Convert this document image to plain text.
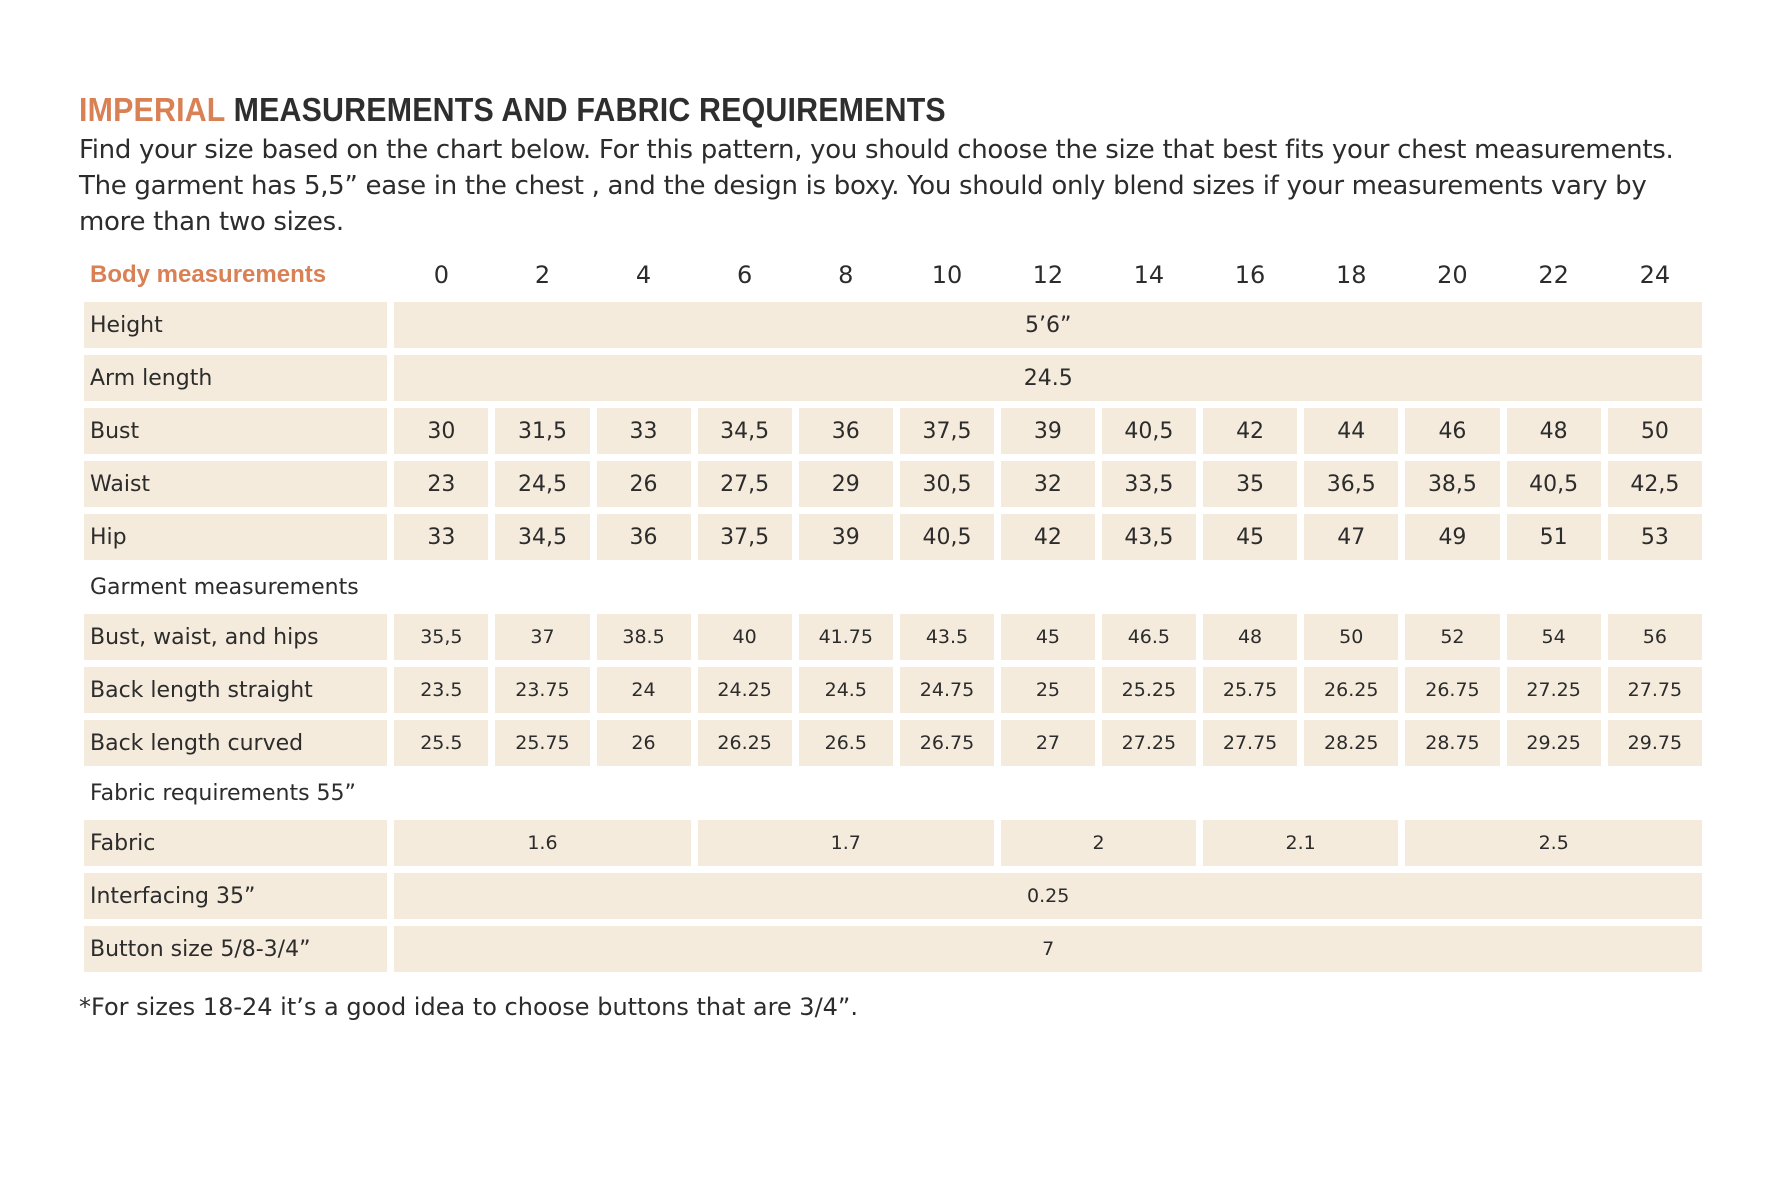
IMPERIAL MEASUREMENTS AND FABRIC REQUIREMENTS
Find your size based on the chart below. For this pattern, you should choose the size that best fits your chest measurements. The garment has 5,5” ease in the chest , and the design is boxy. You should only blend sizes if your measurements vary by more than two sizes.
Body measurements	0	2	4	6	8	10	12	14	16	18	20	22	24
Height	5’6”												
Arm length	24.5												
Bust	30	31,5	33	34,5	36	37,5	39	40,5	42	44	46	48	50
Waist	23	24,5	26	27,5	29	30,5	32	33,5	35	36,5	38,5	40,5	42,5
Hip	33	34,5	36	37,5	39	40,5	42	43,5	45	47	49	51	53
Garment measurements													
Bust, waist, and hips	35,5	37	38.5	40	41.75	43.5	45	46.5	48	50	52	54	56
Back length straight	23.5	23.75	24	24.25	24.5	24.75	25	25.25	25.75	26.25	26.75	27.25	27.75
Back length curved	25.5	25.75	26	26.25	26.5	26.75	27	27.25	27.75	28.25	28.75	29.25	29.75
Fabric requirements 55”													
Fabric	1.6			1.7			2		2.1		2.5		
Interfacing 35”	0.25												
Button size 5/8-3/4”	7												
*For sizes 18-24 it’s a good idea to choose buttons that are 3/4”.
